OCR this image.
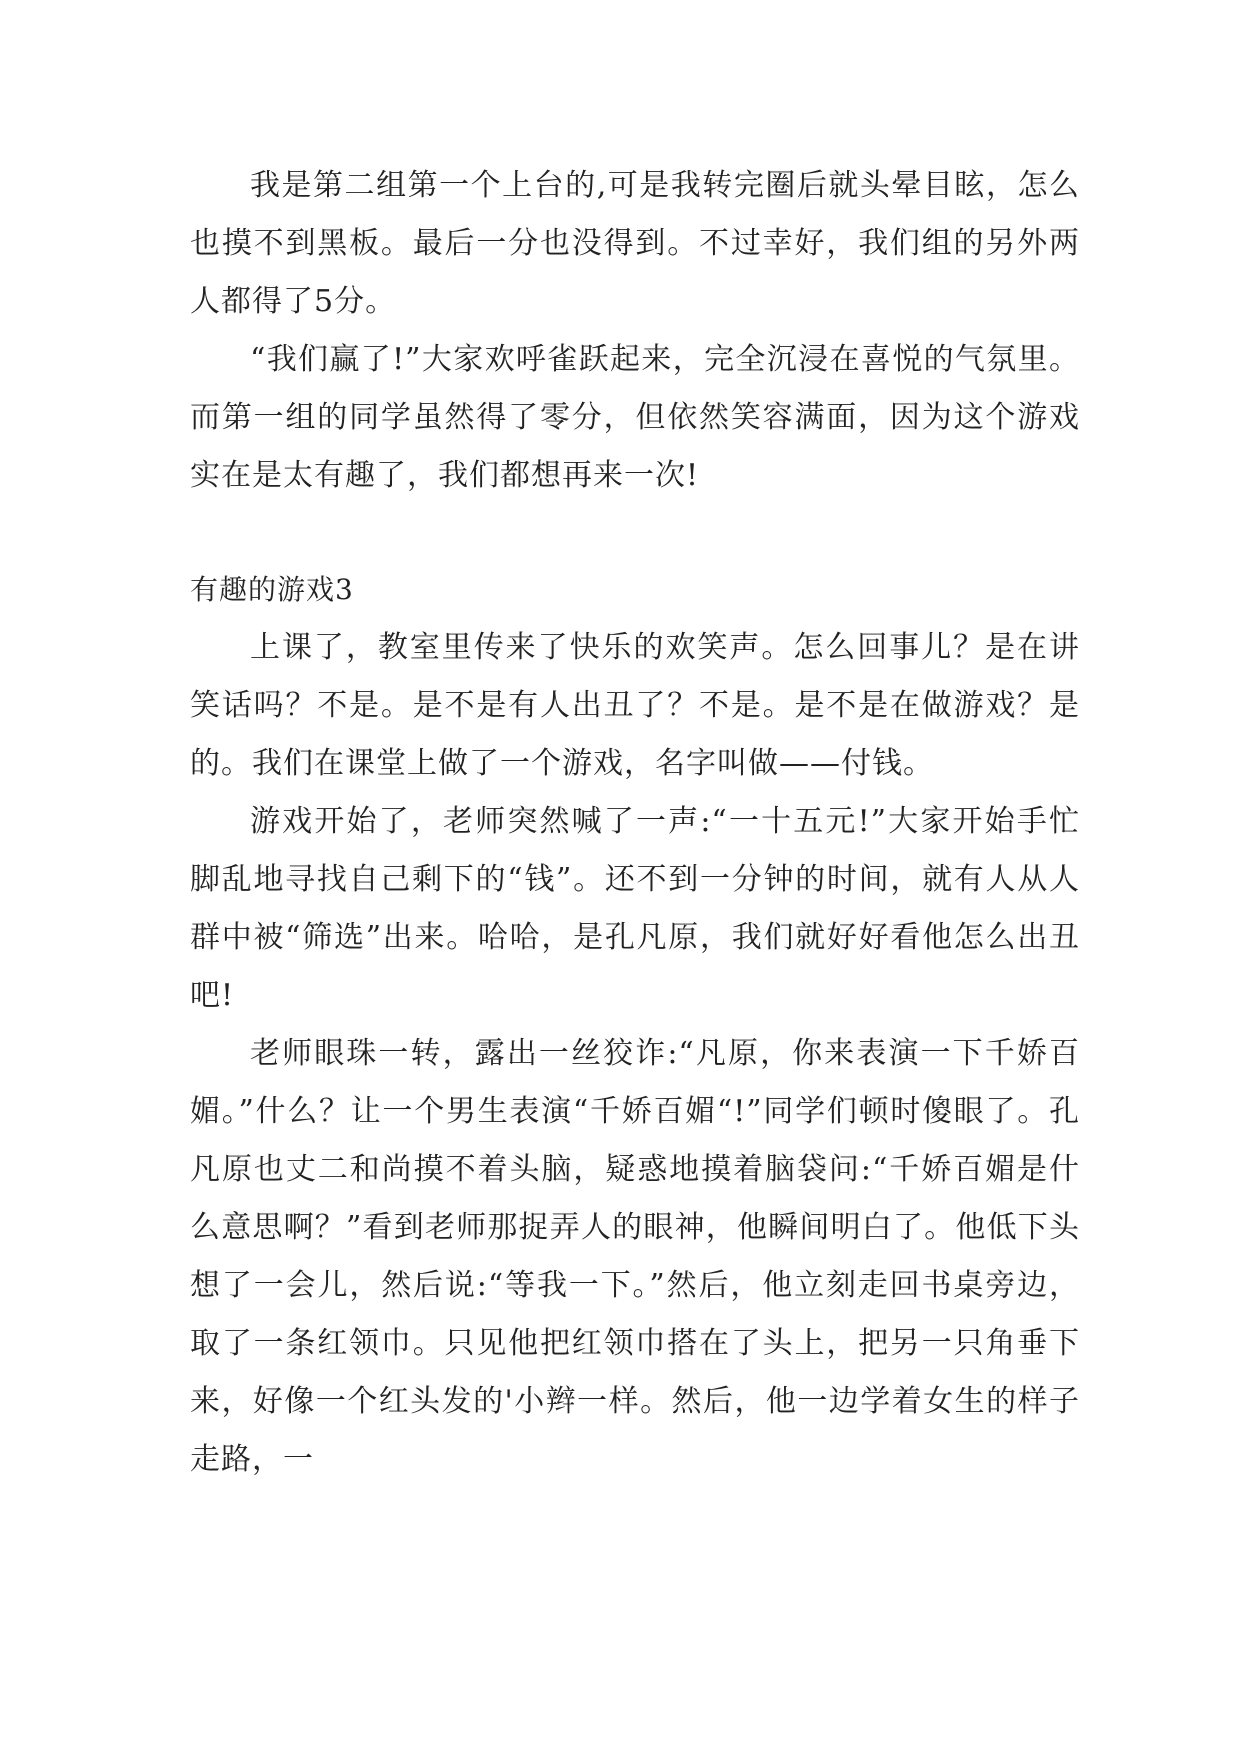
我是第二组第一个上台的,可是我转完圈后就头晕目眩，怎么也摸不到黑板。最后一分也没得到。不过幸好，我们组的另外两人都得了5分。

“我们赢了!”大家欢呼雀跃起来，完全沉浸在喜悦的气氛里。而第一组的同学虽然得了零分，但依然笑容满面，因为这个游戏实在是太有趣了，我们都想再来一次!

有趣的游戏3

上课了，教室里传来了快乐的欢笑声。怎么回事儿？是在讲笑话吗？不是。是不是有人出丑了？不是。是不是在做游戏？是的。我们在课堂上做了一个游戏，名字叫做——付钱。

游戏开始了，老师突然喊了一声:“一十五元!”大家开始手忙脚乱地寻找自己剩下的“钱”。还不到一分钟的时间，就有人从人群中被“筛选”出来。哈哈，是孔凡原，我们就好好看他怎么出丑吧!

老师眼珠一转，露出一丝狡诈:“凡原，你来表演一下千娇百媚。”什么？让一个男生表演“千娇百媚“!”同学们顿时傻眼了。孔凡原也丈二和尚摸不着头脑，疑惑地摸着脑袋问:“千娇百媚是什么意思啊？”看到老师那捉弄人的眼神，他瞬间明白了。他低下头想了一会儿，然后说:“等我一下。”然后，他立刻走回书桌旁边，取了一条红领巾。只见他把红领巾搭在了头上，把另一只角垂下来，好像一个红头发的'小辫一样。然后，他一边学着女生的样子走路，一
